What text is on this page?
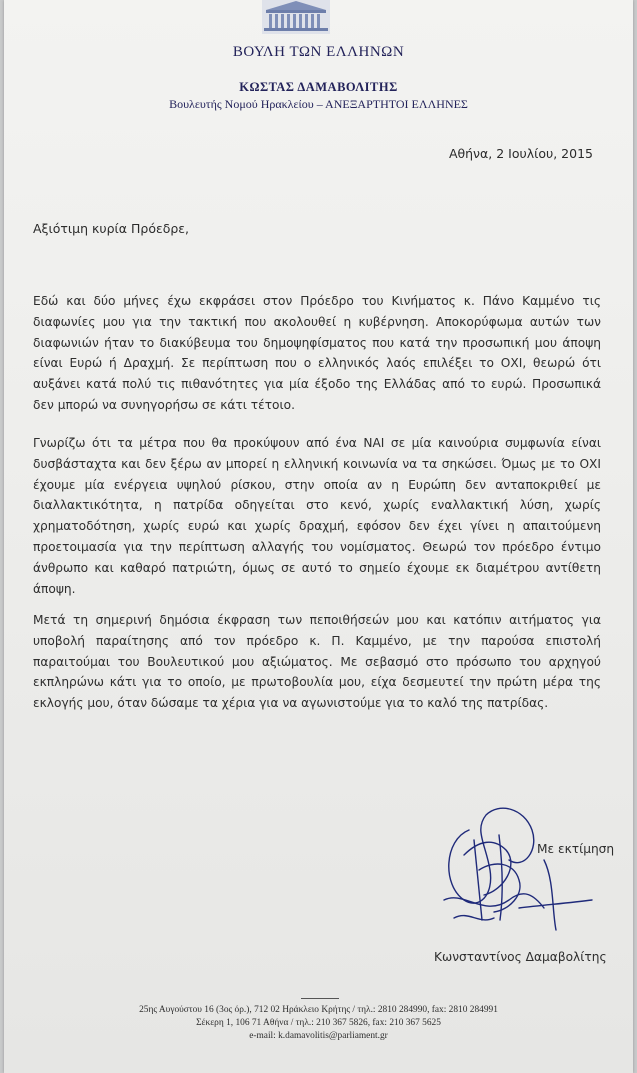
ΒΟΥΛΗ ΤΩΝ ΕΛΛΗΝΩΝ
ΚΩΣΤΑΣ ΔΑΜΑΒΟΛΙΤΗΣ
Βουλευτής Νομού Ηρακλείου – ΑΝΕΞΑΡΤΗΤΟΙ ΕΛΛΗΝΕΣ
Αθήνα, 2 Ιουλίου, 2015
Αξιότιμη κυρία Πρόεδρε,

Εδώ και δύο μήνες έχω εκφράσει στον Πρόεδρο του Κινήματος κ. Πάνο Καμμένο τις διαφωνίες μου για την τακτική που ακολουθεί η κυβέρνηση. Αποκορύφωμα αυτών των διαφωνιών ήταν το διακύβευμα του δημοψηφίσματος που κατά την προσωπική μου άποψη είναι Ευρώ ή Δραχμή. Σε περίπτωση που ο ελληνικός λαός επιλέξει το ΟΧΙ, θεωρώ ότι αυξάνει κατά πολύ τις πιθανότητες για μία έξοδο της Ελλάδας από το ευρώ. Προσωπικά δεν μπορώ να συνηγορήσω σε κάτι τέτοιο.

Γνωρίζω ότι τα μέτρα που θα προκύψουν από ένα ΝΑΙ σε μία καινούρια συμφωνία είναι δυσβάσταχτα και δεν ξέρω αν μπορεί η ελληνική κοινωνία να τα σηκώσει. Όμως με το ΟΧΙ έχουμε μία ενέργεια υψηλού ρίσκου, στην οποία αν η Ευρώπη δεν ανταποκριθεί με διαλλακτικότητα, η πατρίδα οδηγείται στο κενό, χωρίς εναλλακτική λύση, χωρίς χρηματοδότηση, χωρίς ευρώ και χωρίς δραχμή, εφόσον δεν έχει γίνει η απαιτούμενη προετοιμασία για την περίπτωση αλλαγής του νομίσματος. Θεωρώ τον πρόεδρο έντιμο άνθρωπο και καθαρό πατριώτη, όμως σε αυτό το σημείο έχουμε εκ διαμέτρου αντίθετη άποψη.

Μετά τη σημερινή δημόσια έκφραση των πεποιθήσεών μου και κατόπιν αιτήματος για υποβολή παραίτησης από τον πρόεδρο κ. Π. Καμμένο, με την παρούσα επιστολή παραιτούμαι του Βουλευτικού μου αξιώματος. Με σεβασμό στο πρόσωπο του αρχηγού εκπληρώνω κάτι για το οποίο, με πρωτοβουλία μου, είχα δεσμευτεί την πρώτη μέρα της εκλογής μου, όταν δώσαμε τα χέρια για να αγωνιστούμε για το καλό της πατρίδας.

Με εκτίμηση
Κωνσταντίνος Δαμαβολίτης
25ης Αυγούστου 16 (3ος όρ.), 712 02 Ηράκλειο Κρήτης / τηλ.: 2810 284990, fax: 2810 284991
Σέκερη 1, 106 71 Αθήνα / τηλ.: 210 367 5826, fax: 210 367 5625
e-mail: k.damavolitis@parliament.gr
